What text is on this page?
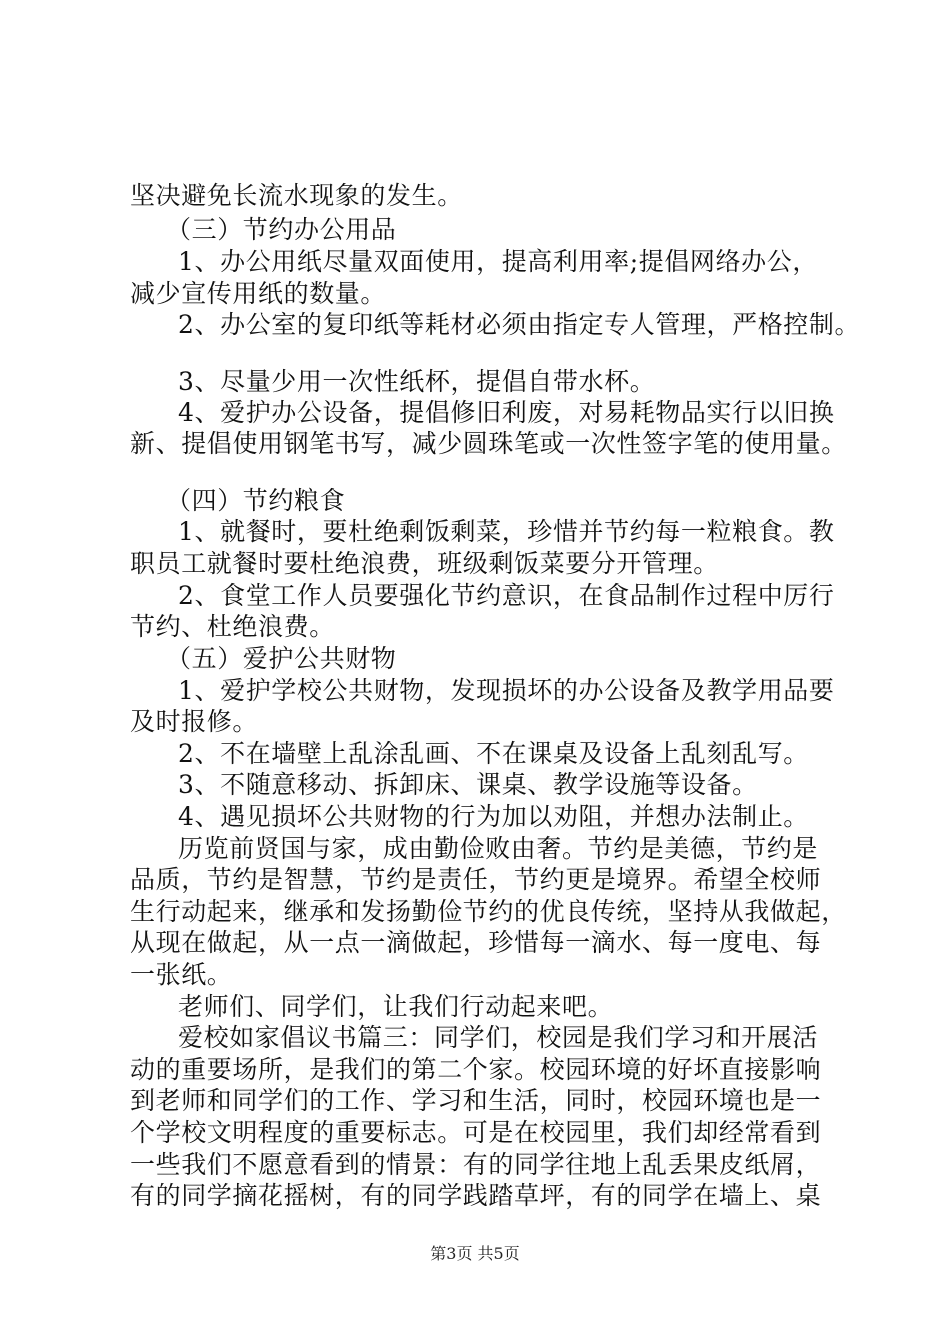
坚决避免长流水现象的发生。
（三）节约办公用品
1、办公用纸尽量双面使用，提高利用率;提倡网络办公，
减少宣传用纸的数量。
2、办公室的复印纸等耗材必须由指定专人管理，严格控制。
3、尽量少用一次性纸杯，提倡自带水杯。
4、爱护办公设备，提倡修旧利废，对易耗物品实行以旧换
新、提倡使用钢笔书写，减少圆珠笔或一次性签字笔的使用量。
（四）节约粮食
1、就餐时，要杜绝剩饭剩菜，珍惜并节约每一粒粮食。教
职员工就餐时要杜绝浪费，班级剩饭菜要分开管理。
2、食堂工作人员要强化节约意识，在食品制作过程中厉行
节约、杜绝浪费。
（五）爱护公共财物
1、爱护学校公共财物，发现损坏的办公设备及教学用品要
及时报修。
2、不在墙壁上乱涂乱画、不在课桌及设备上乱刻乱写。
3、不随意移动、拆卸床、课桌、教学设施等设备。
4、遇见损坏公共财物的行为加以劝阻，并想办法制止。
历览前贤国与家，成由勤俭败由奢。节约是美德，节约是
品质，节约是智慧，节约是责任，节约更是境界。希望全校师
生行动起来，继承和发扬勤俭节约的优良传统，坚持从我做起，
从现在做起，从一点一滴做起，珍惜每一滴水、每一度电、每
一张纸。
老师们、同学们，让我们行动起来吧。
爱校如家倡议书篇三：同学们，校园是我们学习和开展活
动的重要场所，是我们的第二个家。校园环境的好坏直接影响
到老师和同学们的工作、学习和生活，同时，校园环境也是一
个学校文明程度的重要标志。可是在校园里，我们却经常看到
一些我们不愿意看到的情景：有的同学往地上乱丢果皮纸屑，
有的同学摘花摇树，有的同学践踏草坪，有的同学在墙上、桌
第3页 共5页
